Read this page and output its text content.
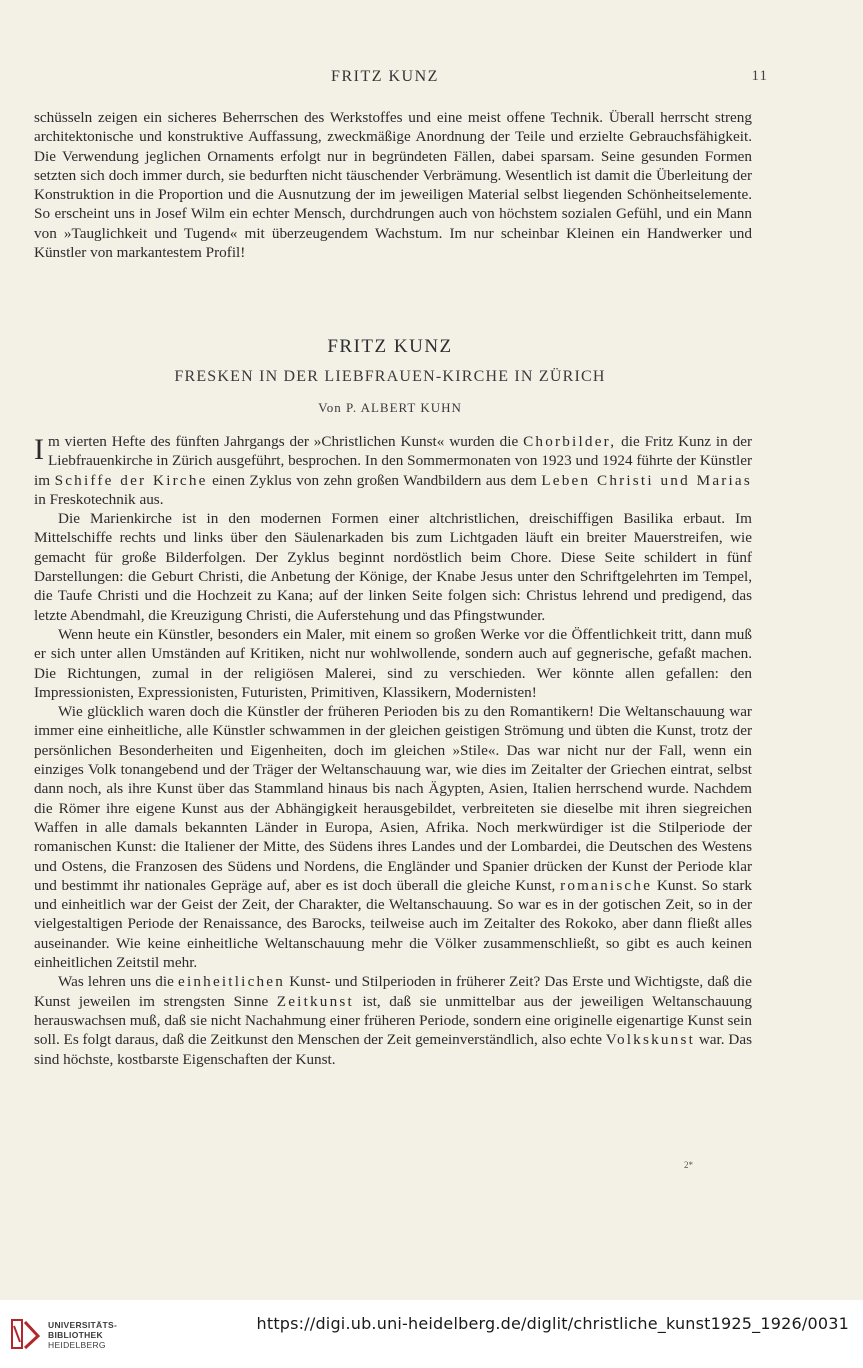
FRITZ KUNZ	11

schüsseln zeigen ein sicheres Beherrschen des Werkstoffes und eine meist offene Technik. Überall herrscht streng architektonische und konstruktive Auffassung, zweckmäßige Anordnung der Teile und erzielte Gebrauchsfähigkeit. Die Verwendung jeglichen Ornaments erfolgt nur in begründeten Fällen, dabei sparsam. Seine gesunden Formen setzten sich doch immer durch, sie bedurften nicht täuschender Verbrämung. Wesentlich ist damit die Überleitung der Konstruktion in die Proportion und die Ausnutzung der im jeweiligen Material selbst liegenden Schönheitselemente. So erscheint uns in Josef Wilm ein echter Mensch, durchdrungen auch von höchstem sozialen Gefühl, und ein Mann von »Tauglichkeit und Tugend« mit überzeugendem Wachstum. Im nur scheinbar Kleinen ein Handwerker und Künstler von markantestem Profil!

FRITZ KUNZ
FRESKEN IN DER LIEBFRAUEN-KIRCHE IN ZÜRICH
Von P. ALBERT KUHN

Im vierten Hefte des fünften Jahrgangs der »Christlichen Kunst« wurden die Chorbilder, die Fritz Kunz in der Liebfrauenkirche in Zürich ausgeführt, besprochen. In den Sommermonaten von 1923 und 1924 führte der Künstler im Schiffe der Kirche einen Zyklus von zehn großen Wandbildern aus dem Leben Christi und Marias in Freskotechnik aus.

Die Marienkirche ist in den modernen Formen einer altchristlichen, dreischiffigen Basilika erbaut. Im Mittelschiffe rechts und links über den Säulenarkaden bis zum Lichtgaden läuft ein breiter Mauerstreifen, wie gemacht für große Bilderfolgen. Der Zyklus beginnt nordöstlich beim Chore. Diese Seite schildert in fünf Darstellungen: die Geburt Christi, die Anbetung der Könige, der Knabe Jesus unter den Schriftgelehrten im Tempel, die Taufe Christi und die Hochzeit zu Kana; auf der linken Seite folgen sich: Christus lehrend und predigend, das letzte Abendmahl, die Kreuzigung Christi, die Auferstehung und das Pfingstwunder.

Wenn heute ein Künstler, besonders ein Maler, mit einem so großen Werke vor die Öffentlichkeit tritt, dann muß er sich unter allen Umständen auf Kritiken, nicht nur wohlwollende, sondern auch auf gegnerische, gefaßt machen. Die Richtungen, zumal in der religiösen Malerei, sind zu verschieden. Wer könnte allen gefallen: den Impressionisten, Expressionisten, Futuristen, Primitiven, Klassikern, Modernisten!

Wie glücklich waren doch die Künstler der früheren Perioden bis zu den Romantikern! Die Weltanschauung war immer eine einheitliche, alle Künstler schwammen in der gleichen geistigen Strömung und übten die Kunst, trotz der persönlichen Besonderheiten und Eigenheiten, doch im gleichen »Stile«. Das war nicht nur der Fall, wenn ein einziges Volk tonangebend und der Träger der Weltanschauung war, wie dies im Zeitalter der Griechen eintrat, selbst dann noch, als ihre Kunst über das Stammland hinaus bis nach Ägypten, Asien, Italien herrschend wurde. Nachdem die Römer ihre eigene Kunst aus der Abhängigkeit herausgebildet, verbreiteten sie dieselbe mit ihren siegreichen Waffen in alle damals bekannten Länder in Europa, Asien, Afrika. Noch merkwürdiger ist die Stilperiode der romanischen Kunst: die Italiener der Mitte, des Südens ihres Landes und der Lombardei, die Deutschen des Westens und Ostens, die Franzosen des Südens und Nordens, die Engländer und Spanier drücken der Kunst der Periode klar und bestimmt ihr nationales Gepräge auf, aber es ist doch überall die gleiche Kunst, romanische Kunst. So stark und einheitlich war der Geist der Zeit, der Charakter, die Weltanschauung. So war es in der gotischen Zeit, so in der vielgestaltigen Periode der Renaissance, des Barocks, teilweise auch im Zeitalter des Rokoko, aber dann fließt alles auseinander. Wie keine einheitliche Weltanschauung mehr die Völker zusammenschließt, so gibt es auch keinen einheitlichen Zeitstil mehr.

Was lehren uns die einheitlichen Kunst- und Stilperioden in früherer Zeit? Das Erste und Wichtigste, daß die Kunst jeweilen im strengsten Sinne Zeitkunst ist, daß sie unmittelbar aus der jeweiligen Weltanschauung herauswachsen muß, daß sie nicht Nachahmung einer früheren Periode, sondern eine originelle eigenartige Kunst sein soll. Es folgt daraus, daß die Zeitkunst den Menschen der Zeit gemeinverständlich, also echte Volkskunst war. Das sind höchste, kostbarste Eigenschaften der Kunst.

2*
UNIVERSITÄTS-
BIBLIOTHEK
HEIDELBERG
https://digi.ub.uni-heidelberg.de/diglit/christliche_kunst1925_1926/0031
